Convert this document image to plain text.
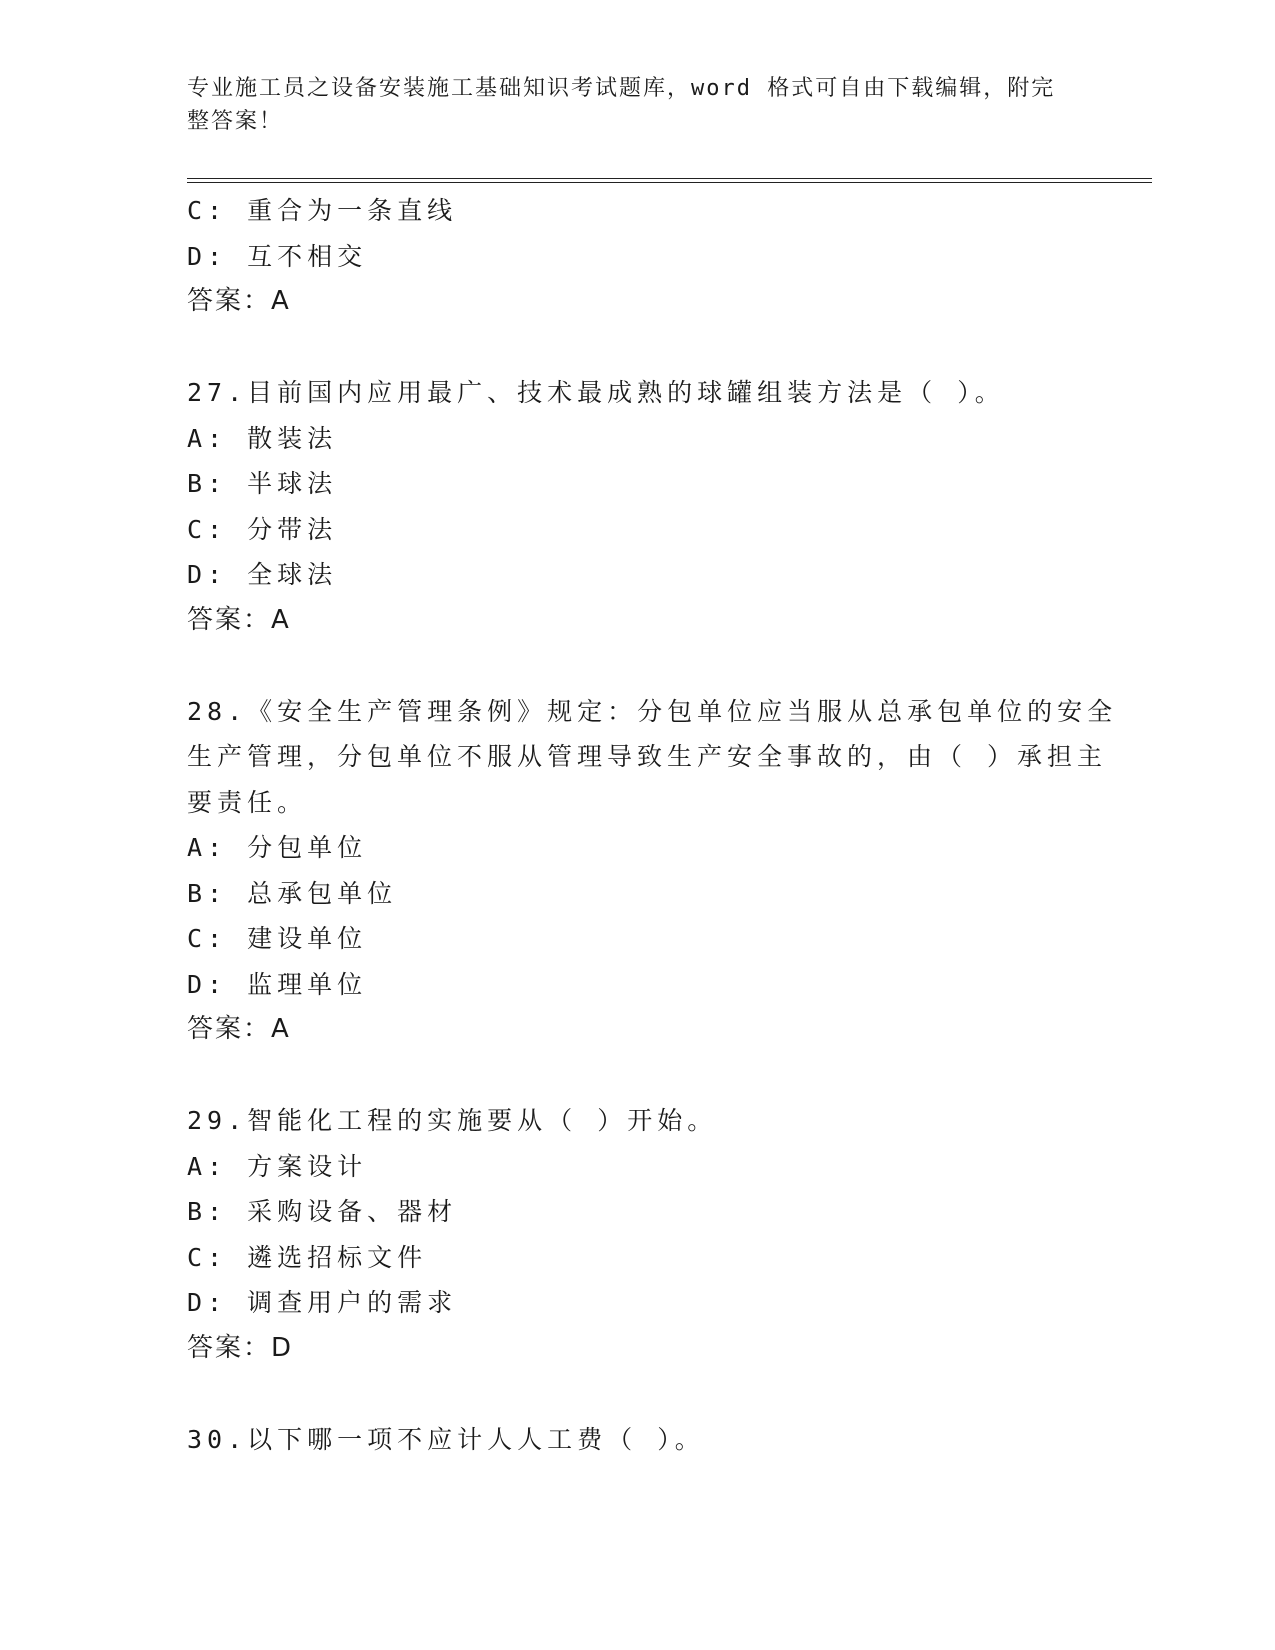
专业施工员之设备安装施工基础知识考试题库，word 格式可自由下载编辑，附完整答案！
C: 重合为一条直线
D: 互不相交
答案：A
27.目前国内应用最广、技术最成熟的球罐组装方法是（ ）。
A: 散装法
B: 半球法
C: 分带法
D: 全球法
答案：A
28.《安全生产管理条例》规定：分包单位应当服从总承包单位的安全
生产管理，分包单位不服从管理导致生产安全事故的，由（ ）承担主
要责任。
A: 分包单位
B: 总承包单位
C: 建设单位
D: 监理单位
答案：A
29.智能化工程的实施要从（ ）开始。
A: 方案设计
B: 采购设备、器材
C: 遴选招标文件
D: 调查用户的需求
答案：D
30.以下哪一项不应计人人工费（ ）。
